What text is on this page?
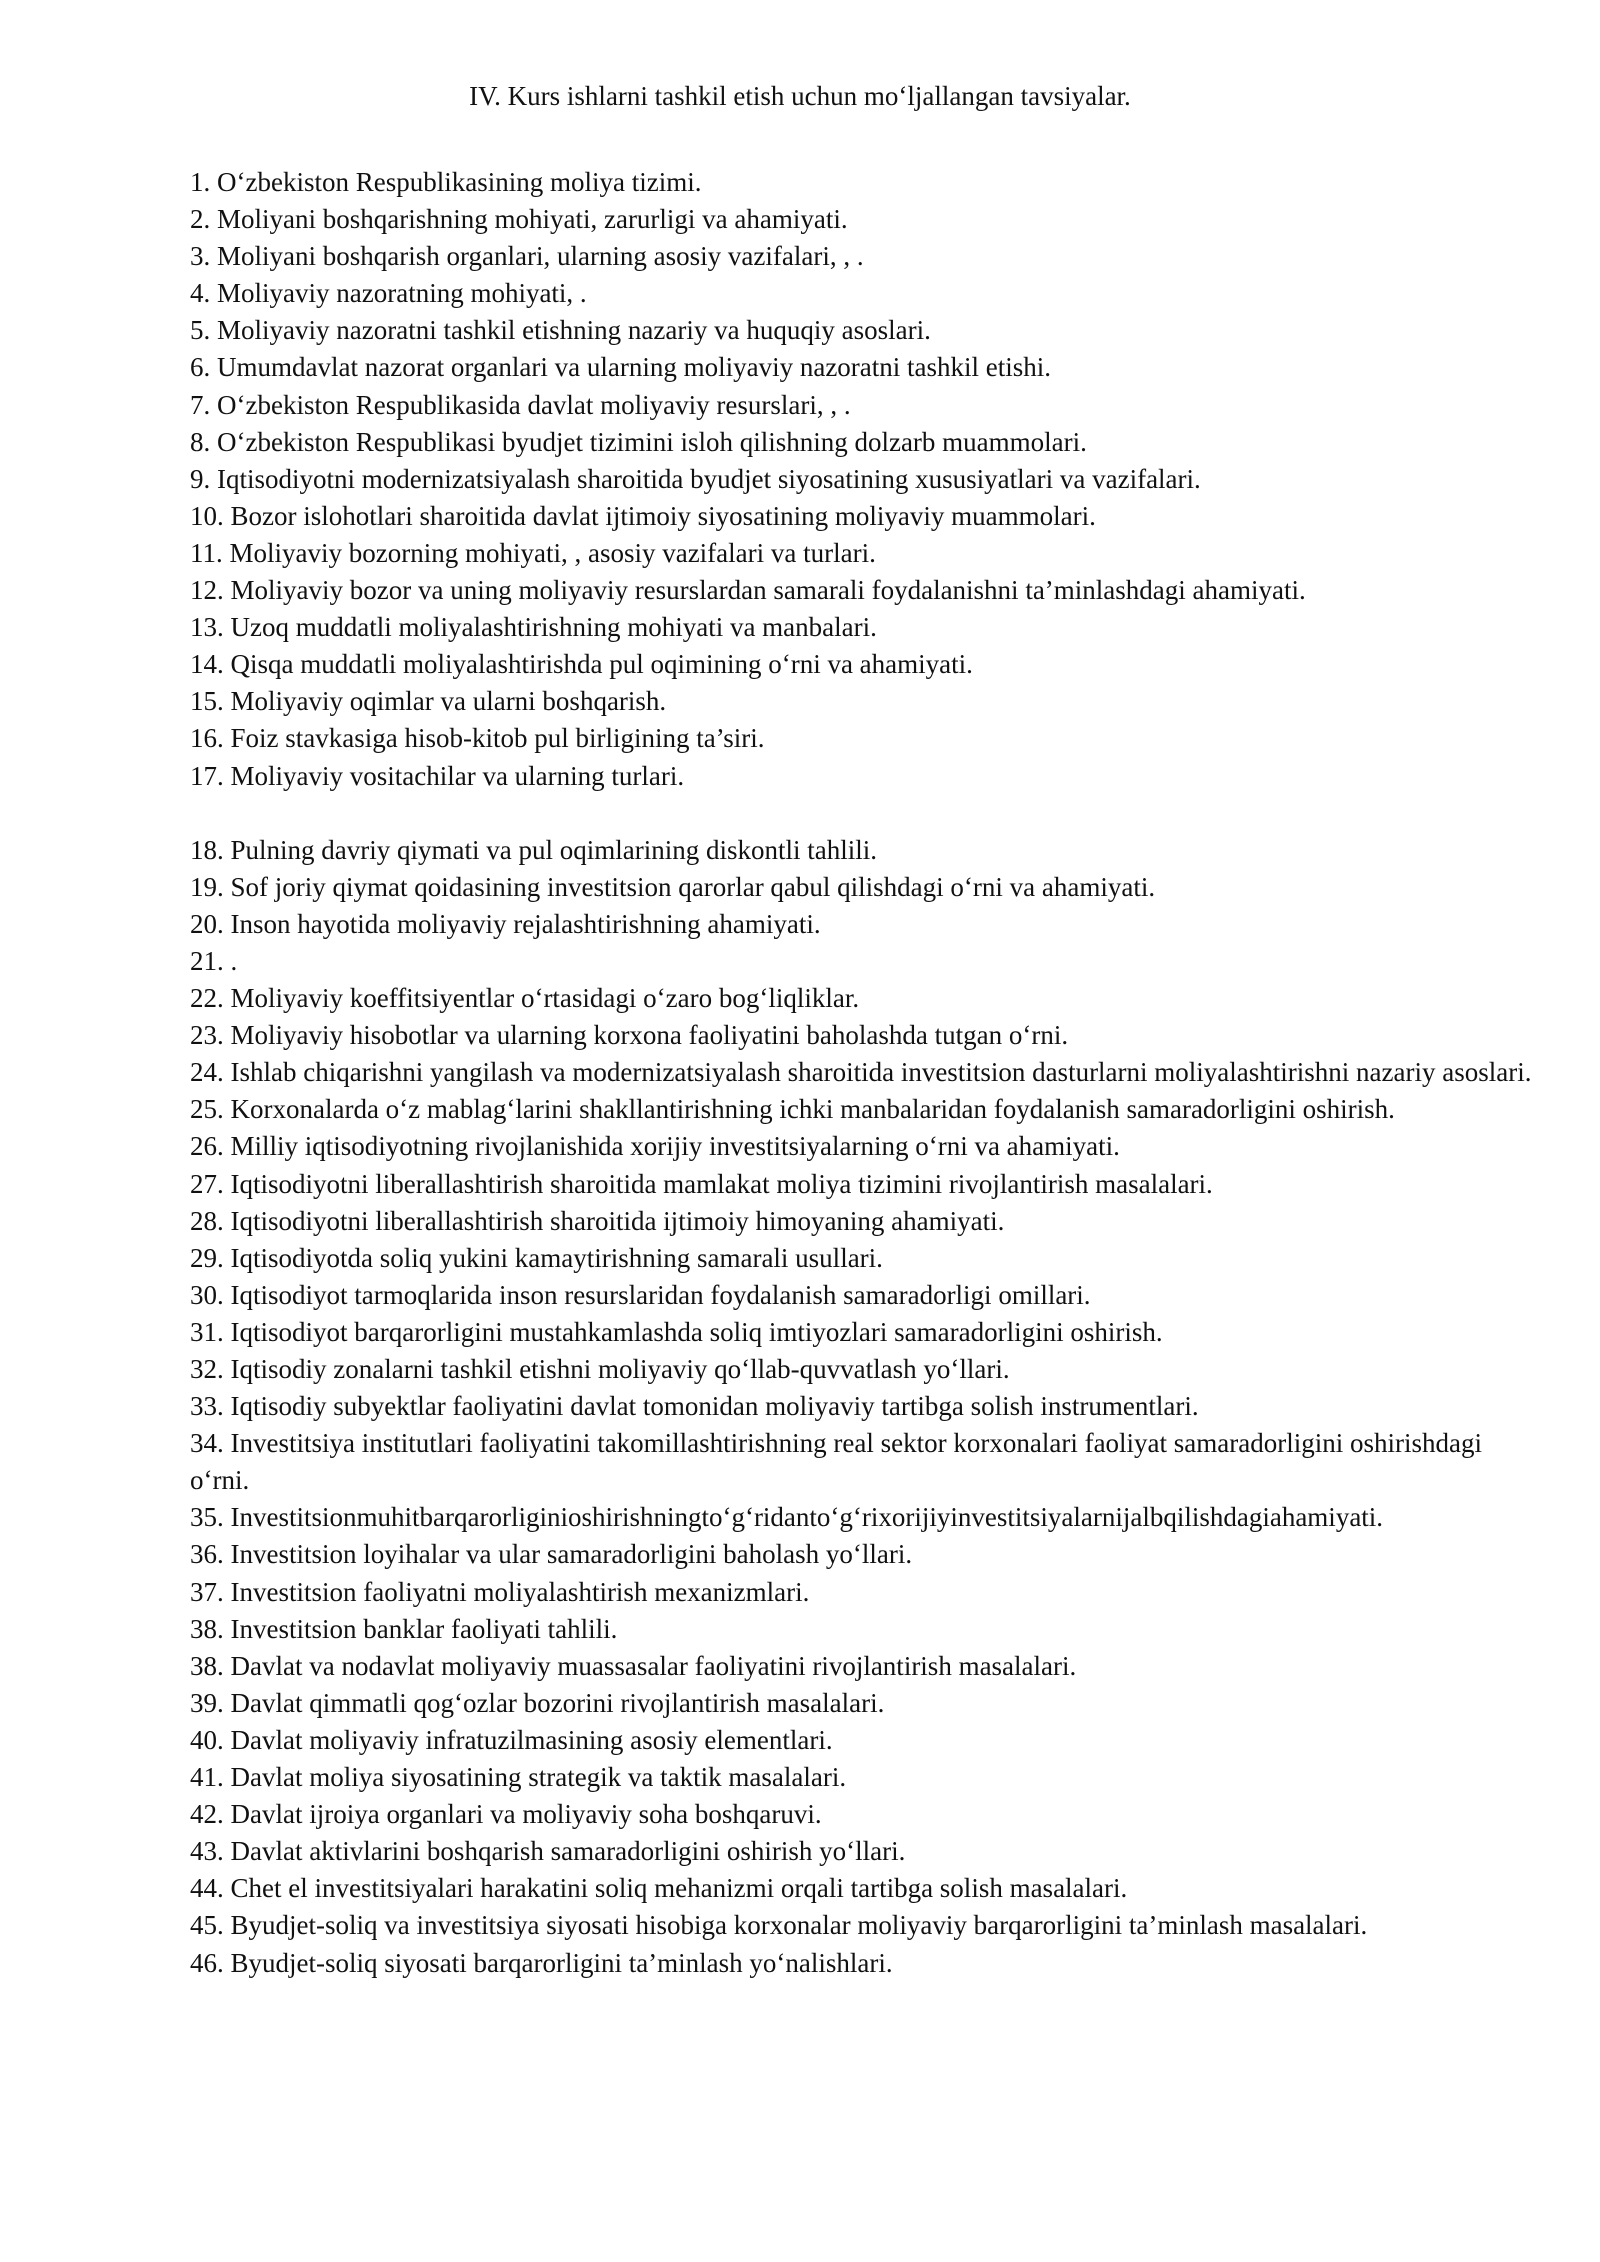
IV. Kurs ishlarni tashkil etish uchun mo‘ljallangan tavsiyalar.

1. O‘zbekiston Respublikasining moliya tizimi.

2. Moliyani boshqarishning mohiyati, zarurligi va ahamiyati.

3. Moliyani boshqarish organlari, ularning asosiy vazifalari, , .

4. Moliyaviy nazoratning mohiyati, .

5. Moliyaviy nazoratni tashkil etishning nazariy va huquqiy asoslari.

6. Umumdavlat nazorat organlari va ularning moliyaviy nazoratni tashkil etishi.

7. O‘zbekiston Respublikasida davlat moliyaviy resurslari, , .

8. O‘zbekiston Respublikasi byudjet tizimini isloh qilishning dolzarb muammolari.

9. Iqtisodiyotni modernizatsiyalash sharoitida byudjet siyosatining xususiyatlari va vazifalari.

10. Bozor islohotlari sharoitida davlat ijtimoiy siyosatining moliyaviy muammolari.

11. Moliyaviy bozorning mohiyati, , asosiy vazifalari va turlari.

12. Moliyaviy bozor va uning moliyaviy resurslardan samarali foydalanishni ta’minlashdagi ahamiyati.

13. Uzoq muddatli moliyalashtirishning mohiyati va manbalari.

14. Qisqa muddatli moliyalashtirishda pul oqimining o‘rni va ahamiyati.

15. Moliyaviy oqimlar va ularni boshqarish.

16. Foiz stavkasiga hisob-kitob pul birligining ta’siri.

17. Moliyaviy vositachilar va ularning turlari.

18. Pulning davriy qiymati va pul oqimlarining diskontli tahlili.

19. Sof joriy qiymat qoidasining investitsion qarorlar qabul qilishdagi o‘rni va ahamiyati.

20. Inson hayotida moliyaviy rejalashtirishning ahamiyati.

21. .

22. Moliyaviy koeffitsiyentlar o‘rtasidagi o‘zaro bog‘liqliklar.

23. Moliyaviy hisobotlar va ularning korxona faoliyatini baholashda tutgan o‘rni.

24. Ishlab chiqarishni yangilash va modernizatsiyalash sharoitida investitsion dasturlarni moliyalashtirishni nazariy asoslari.

25. Korxonalarda o‘z mablag‘larini shakllantirishning ichki manbalaridan foydalanish samaradorligini oshirish.

26. Milliy iqtisodiyotning rivojlanishida xorijiy investitsiyalarning o‘rni va ahamiyati.

27. Iqtisodiyotni liberallashtirish sharoitida mamlakat moliya tizimini rivojlantirish masalalari.

28. Iqtisodiyotni liberallashtirish sharoitida ijtimoiy himoyaning ahamiyati.

29. Iqtisodiyotda soliq yukini kamaytirishning samarali usullari.

30. Iqtisodiyot tarmoqlarida inson resurslaridan foydalanish samaradorligi omillari.

31. Iqtisodiyot barqarorligini mustahkamlashda soliq imtiyozlari samaradorligini oshirish.

32. Iqtisodiy zonalarni tashkil etishni moliyaviy qo‘llab-quvvatlash yo‘llari.

33. Iqtisodiy subyektlar faoliyatini davlat tomonidan moliyaviy tartibga solish instrumentlari.

34. Investitsiya institutlari faoliyatini takomillashtirishning real sektor korxonalari faoliyat samaradorligini oshirishdagi o‘rni.

35. Investitsionmuhitbarqarorliginioshirishningto‘g‘ridanto‘g‘rixorijiyinvestitsiyalarnijalbqilishdagiahamiyati.

36. Investitsion loyihalar va ular samaradorligini baholash yo‘llari.

37. Investitsion faoliyatni moliyalashtirish mexanizmlari.

38. Investitsion banklar faoliyati tahlili.

38. Davlat va nodavlat moliyaviy muassasalar faoliyatini rivojlantirish masalalari.

39. Davlat qimmatli qog‘ozlar bozorini rivojlantirish masalalari.

40. Davlat moliyaviy infratuzilmasining asosiy elementlari.

41. Davlat moliya siyosatining strategik va taktik masalalari.

42. Davlat ijroiya organlari va moliyaviy soha boshqaruvi.

43. Davlat aktivlarini boshqarish samaradorligini oshirish yo‘llari.

44. Chet el investitsiyalari harakatini soliq mehanizmi orqali tartibga solish masalalari.

45. Byudjet-soliq va investitsiya siyosati hisobiga korxonalar moliyaviy barqarorligini ta’minlash masalalari.

46. Byudjet-soliq siyosati barqarorligini ta’minlash yo‘nalishlari.
